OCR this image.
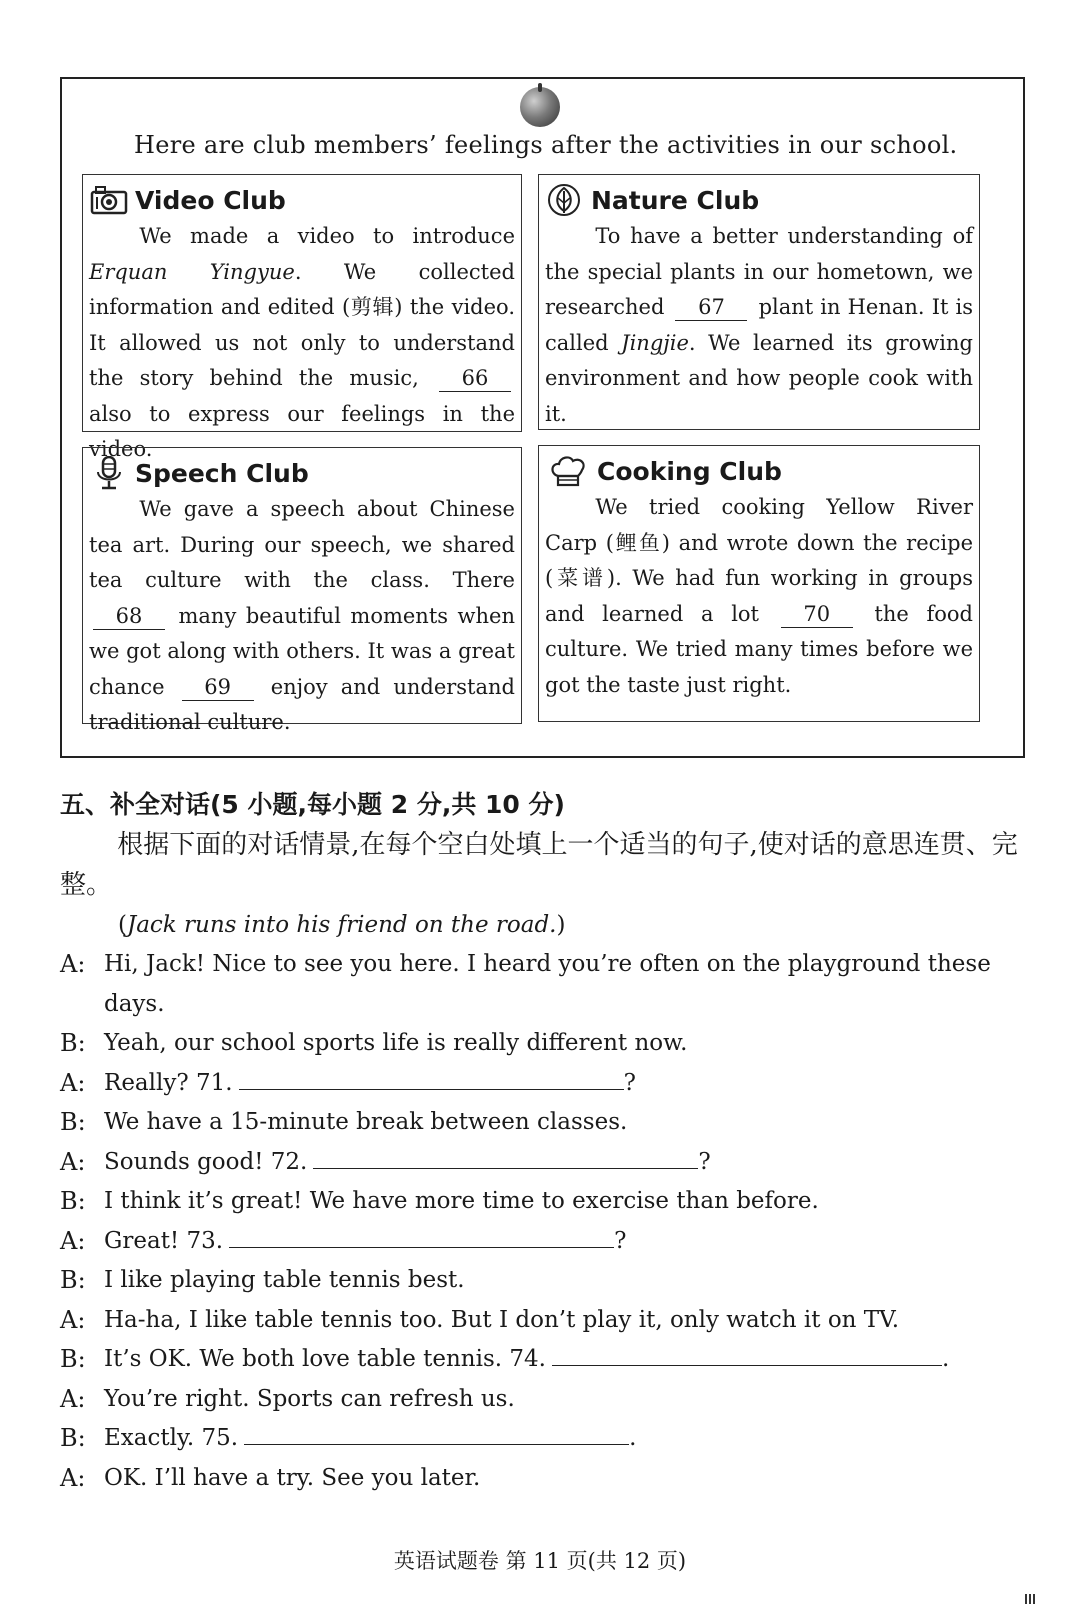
Here are club members’ feelings after the activities in our school.
Video Club
We made a video to introduce Erquan Yingyue. We collected information and edited (剪辑) the video. It allowed us not only to understand the story behind the music, 66 also to express our feelings in the video.
Nature Club
To have a better understanding of the special plants in our hometown, we researched 67 plant in Henan. It is called Jingjie. We learned its growing environment and how people cook with it.
Speech Club
We gave a speech about Chinese tea art. During our speech, we shared tea culture with the class. There 68 many beautiful moments when we got along with others. It was a great chance 69 enjoy and understand traditional culture.
Cooking Club
We tried cooking Yellow River Carp (鲤鱼) and wrote down the recipe (菜谱). We had fun working in groups and learned a lot 70 the food culture. We tried many times before we got the taste just right.
五、补全对话(5 小题,每小题 2 分,共 10 分)

根据下面的对话情景,在每个空白处填上一个适当的句子,使对话的意思连贯、完整。

(Jack runs into his friend on the road.)
A: Hi, Jack! Nice to see you here. I heard you’re often on the playground these days.
B: Yeah, our school sports life is really different now.
A: Really? 71.	?
B: We have a 15-minute break between classes.
A: Sounds good! 72.	?
B: I think it’s great! We have more time to exercise than before.
A: Great! 73.	?
B: I like playing table tennis best.
A: Ha-ha, I like table tennis too. But I don’t play it, only watch it on TV.
B: It’s OK. We both love table tennis. 74.	.
A: You’re right. Sports can refresh us.
B: Exactly. 75.	.
A: OK. I’ll have a try. See you later.
英语试题卷 第 11 页(共 12 页)
